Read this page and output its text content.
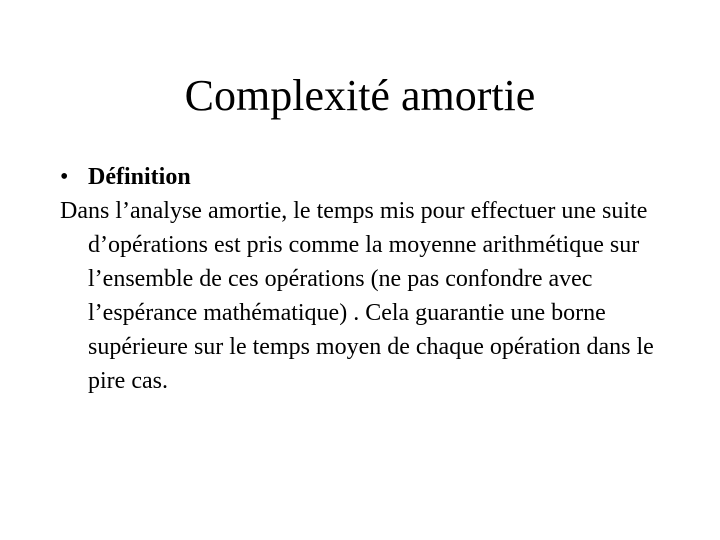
Complexité amortie
• Définition

Dans l’analyse amortie, le temps mis pour effectuer une suite d’opérations est pris comme la moyenne arithmétique sur l’ensemble de ces opérations (ne pas confondre avec l’espérance mathématique) . Cela guarantie une borne supérieure sur le temps moyen de chaque opération dans le pire cas.
